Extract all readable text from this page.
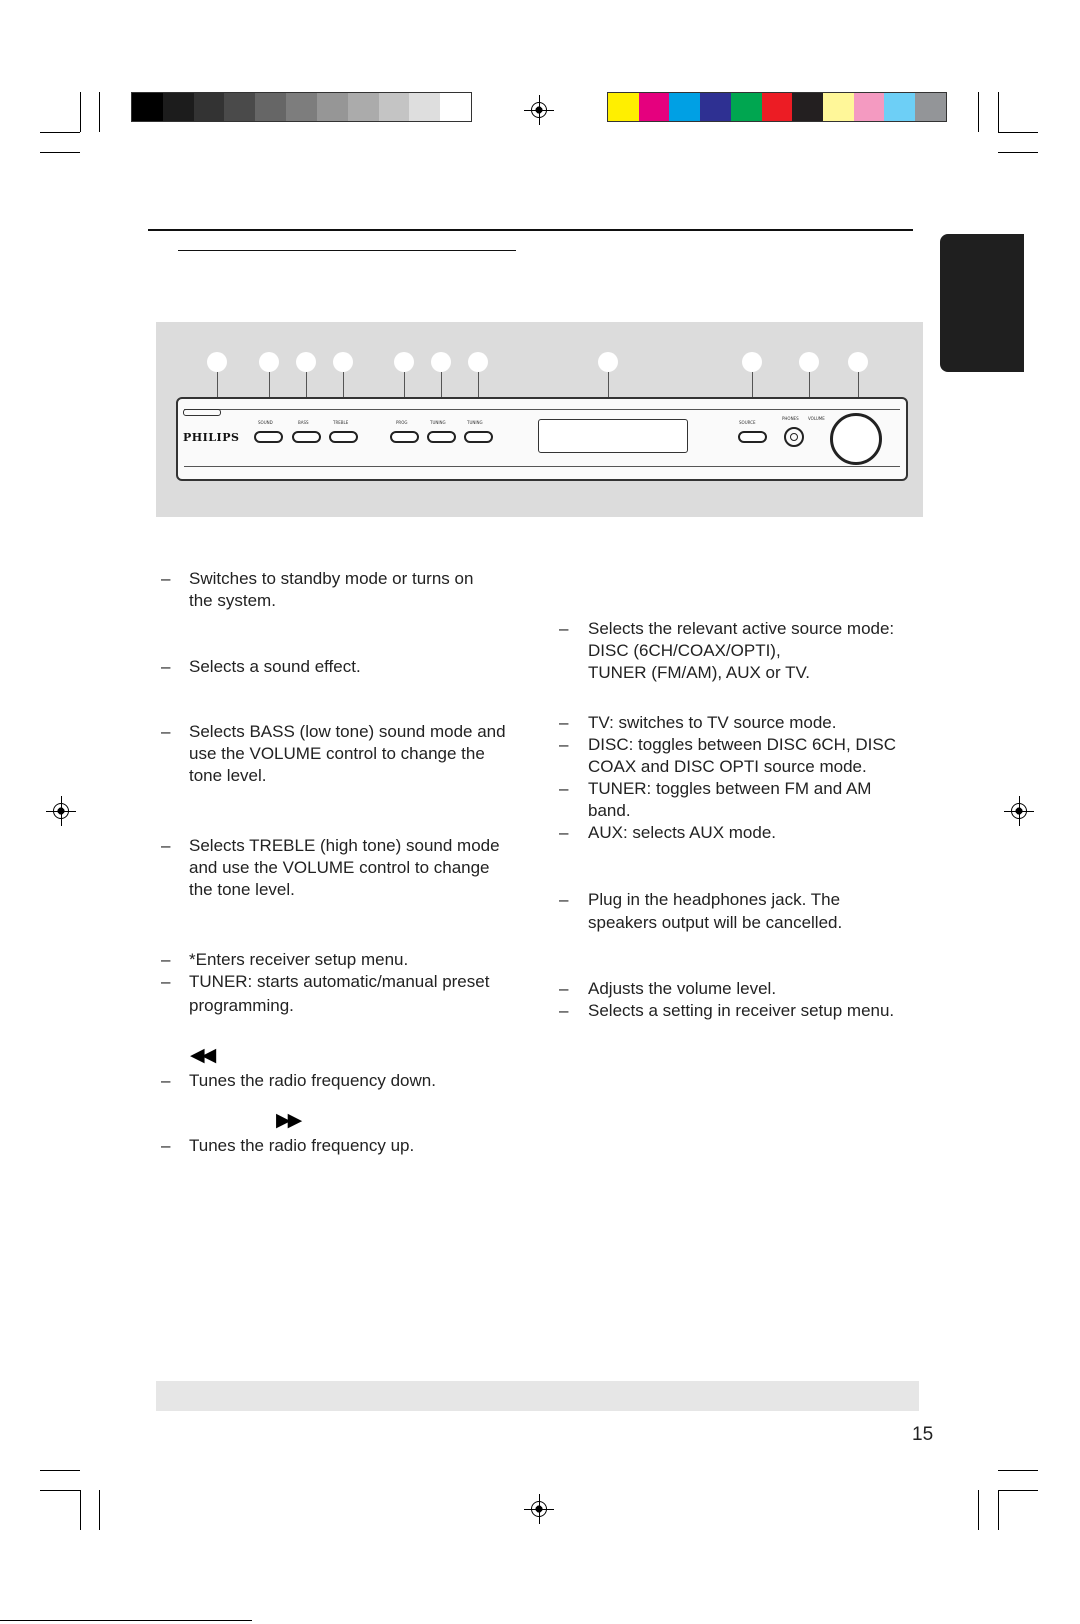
PHILIPS
SOUND	BASS	TREBLE	PROG	TUNING	TUNING	SOURCE
PHONES VOLUME
– Switches to standby mode or turns on
the system.
– Selects a sound effect.
– Selects BASS (low tone) sound mode and
use the VOLUME control to change the
tone level.
– Selects TREBLE (high tone) sound mode
and use the VOLUME control to change
the tone level.
– *Enters receiver setup menu.
– TUNER: starts automatic/manual preset
programming.
◀◀
– Tunes the radio frequency down.
▶▶
– Tunes the radio frequency up.
– Selects the relevant active source mode:
DISC (6CH/COAX/OPTI),
TUNER (FM/AM), AUX or TV.
– TV: switches to TV source mode.
– DISC: toggles between DISC 6CH, DISC
COAX and DISC OPTI source mode.
– TUNER: toggles between FM and AM
band.
– AUX: selects AUX mode.
– Plug in the headphones jack. The
speakers output will be cancelled.
– Adjusts the volume level.
– Selects a setting in receiver setup menu.
15
